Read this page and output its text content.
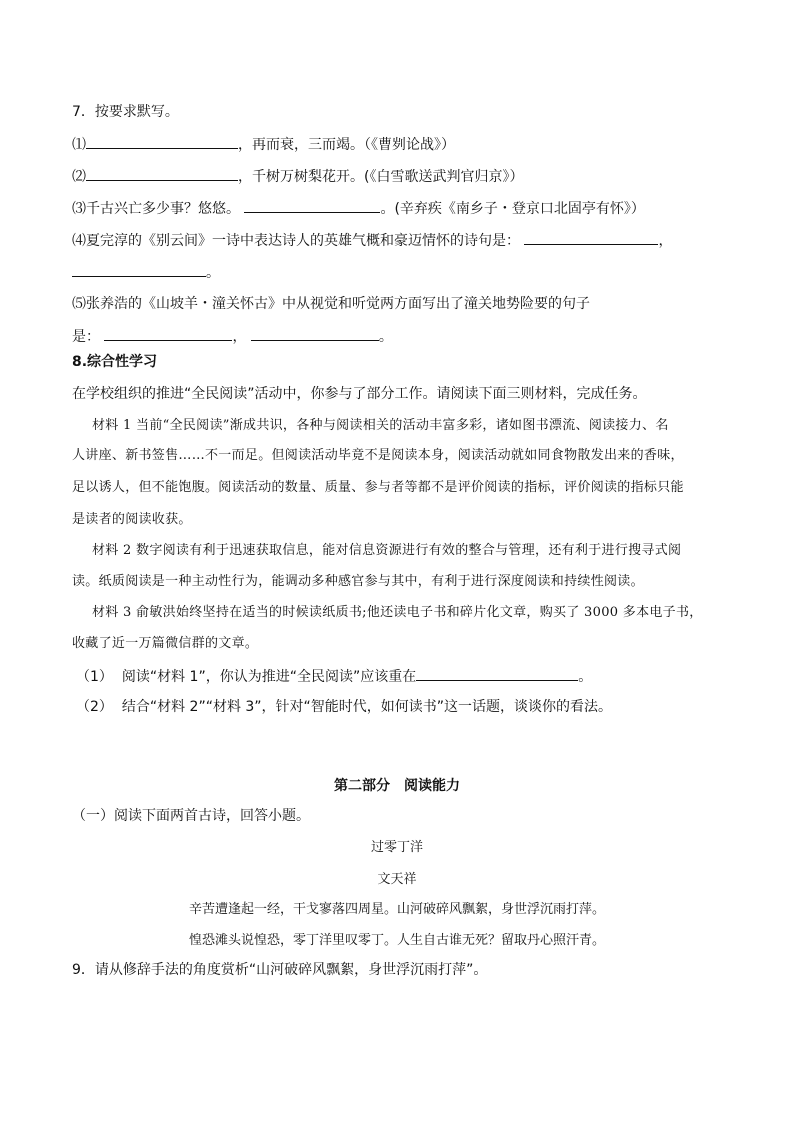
7．按要求默写。
⑴	，再而衰，三而竭。（《曹刿论战》）
⑵	，千树万树梨花开。(《白雪歌送武判官归京》）
⑶千古兴亡多少事？悠悠。	。(辛弃疾《南乡子・登京口北固亭有怀》）
⑷夏完淳的《别云间》一诗中表达诗人的英雄气概和豪迈情怀的诗句是：	，
。
⑸张养浩的《山坡羊・潼关怀古》中从视觉和听觉两方面写出了潼关地势险要的句子
是：	，	。
8.综合性学习
在学校组织的推进“全民阅读”活动中，你参与了部分工作。请阅读下面三则材料，完成任务。
材料 1 当前“全民阅读”渐成共识，各种与阅读相关的活动丰富多彩，诸如图书漂流、阅读接力、名
人讲座、新书签售……不一而足。但阅读活动毕竟不是阅读本身，阅读活动就如同食物散发出来的香味，
足以诱人，但不能饱腹。阅读活动的数量、质量、参与者等都不是评价阅读的指标，评价阅读的指标只能
是读者的阅读收获。
材料 2 数字阅读有利于迅速获取信息，能对信息资源进行有效的整合与管理，还有利于进行搜寻式阅
读。纸质阅读是一种主动性行为，能调动多种感官参与其中，有利于进行深度阅读和持续性阅读。
材料 3 俞敏洪始终坚持在适当的时候读纸质书;他还读电子书和碎片化文章，购买了 3000 多本电子书，
收藏了近一万篇微信群的文章。
（1） 阅读“材料 1”，你认为推进“全民阅读”应该重在	。
（2） 结合“材料 2”“材料 3”，针对“智能时代，如何读书”这一话题，谈谈你的看法。
第二部分　阅读能力
（一）阅读下面两首古诗，回答小题。
过零丁洋
文天祥
辛苦遭逢起一经，干戈寥落四周星。山河破碎风飘絮，身世浮沉雨打萍。
惶恐滩头说惶恐，零丁洋里叹零丁。人生自古谁无死？留取丹心照汗青。
9．请从修辞手法的角度赏析“山河破碎风飘絮，身世浮沉雨打萍”。
